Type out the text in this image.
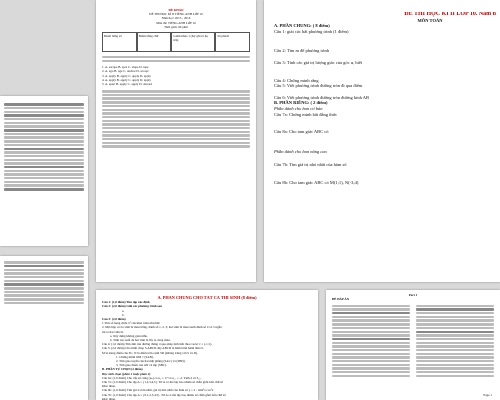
ĐỀ KHẢO
ĐỀ THI HỌC KÌ II TIẾNG ANH LỚP 10
Năm học: 2015 - 2016
Môn thi: TIẾNG ANH LỚP 10
Thời gian: 60 phút
Điểm bằng số	Điểm bằng chữ	Giám khảo 1 (Ký ghi rõ họ tên)
Số phách
1. A. escape B. spot C. slope D. tape
2. A. ago B. age C. anchor D. accept
3. A. apply B. apply C. apply D. apply
4. A. apply B. apply C. apply D. apply
5. A. apart B. apply C. apply D. abroad
ĐỀ THI HỌC KÌ II LỚP 10. Năm h
MÔN TOÁN
A. PHẦN CHUNG: ( 8 điểm)
Câu 1: giải các bất phương trình (1 điểm)
Câu 2: Tìm m để phương trình
Câu 3: Tính các giá trị lượng giác của góc α, biết
Câu 4: Chứng minh rằng
Câu 5: Viết phương trình đường tròn đi qua điểm
Câu 6: Viết phương trình đường tròn đường kính AB
B. PHẦN RIÊNG: ( 2 điểm)
Phần dành cho ban cơ bản
Câu 7a: Chứng minh bất đẳng thức
Câu 8a: Cho tam giác ABC có
Phần dành cho ban nâng cao
Câu 7b: Tìm giá trị nhỏ nhất của hàm số
Câu 8b: Cho tam giác ABC có M(1;1), N(-3;4)
A. PHẦN CHUNG CHO TẤT CẢ THÍ SINH (8 điểm)
Câu 1: (1,0 điểm) Tìm tập xác định
Câu 2: (2,0 điểm) Giải các phương trình sau
a.
b.
Câu 3: (2,0 điểm)
1.Tìm số hạng chứa x³ của khai triển nhị thức
2. Một hộp có ba viên bi màu trắng, đánh số 1, 2, 3; hai viên bi màu xanh đánh số 4 và 5 ngẫu
rút ra hai viên bi.
a. Xây dựng không gian mẫu.
b. Tính xác suất để hai viên bi lấy ra cùng màu.
Câu 4: (1,0 điểm) Tìm ảnh của đường thẳng d qua phép tịnh tiến theo vectơ v = (-1;1).
Câu 5: (2,0 điểm) Cho hình chóp S.ABCD đáy ABCD là hình bình hành tâm O.
M là trung điểm của SC, N là điểm trên cạnh SD (không trùng với S và D).
1. Chứng minh OM // (SAB).
2. Tìm giao tuyến của hai mặt phẳng (SAC) và (SBD).
3. Tìm giao điểm của AN và mp (SBC).
B. PHẦN TỰ CHỌN (2 điểm)
Học sinh chọn (phần 1 hoặc phần 2)
Câu 6a: (1,0 điểm) Cho cấp số cộng (uₙ) có u₅ = 17 và u₁₁ = -2. Tính d và S₂₀.
Câu 7a: (1,0 điểm) Cho tập A = {1,2,3,4,5}. Từ A có thể lập bao nhiêu số chẵn gồm bốn chữ số
khác nhau.
Câu 6b: (1,0 điểm) Tìm giá trị lớn nhất, giá trị nhỏ nhất của hàm số y = 2 - 4sin²x cos²x
Câu 7b: (1,0 điểm) Cho tập A = {0,1,2,3,4,5}. Từ A có thể lập bao nhiêu số chẵn gồm bốn chữ số
khác nhau.
Part 1
ĐỀ ĐÁP ÁN
Page 1
